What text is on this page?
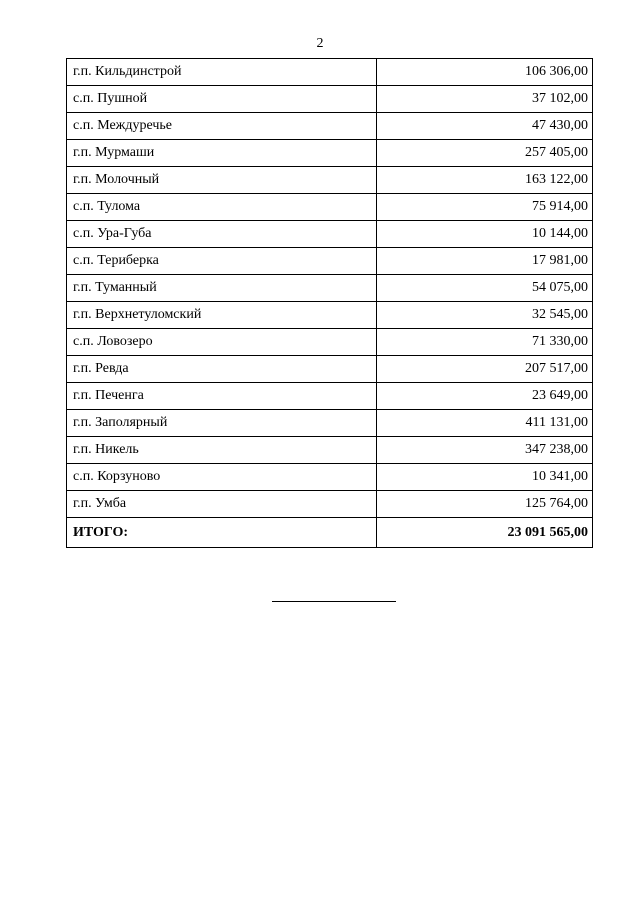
2
г.п. Кильдинстрой	106 306,00
с.п. Пушной	37 102,00
с.п. Междуречье	47 430,00
г.п. Мурмаши	257 405,00
г.п. Молочный	163 122,00
с.п. Тулома	75 914,00
с.п. Ура-Губа	10 144,00
с.п. Териберка	17 981,00
г.п. Туманный	54 075,00
г.п. Верхнетуломский	32 545,00
с.п. Ловозеро	71 330,00
г.п. Ревда	207 517,00
г.п. Печенга	23 649,00
г.п. Заполярный	411 131,00
г.п. Никель	347 238,00
с.п. Корзуново	10 341,00
г.п. Умба	125 764,00
ИТОГО:	23 091 565,00
